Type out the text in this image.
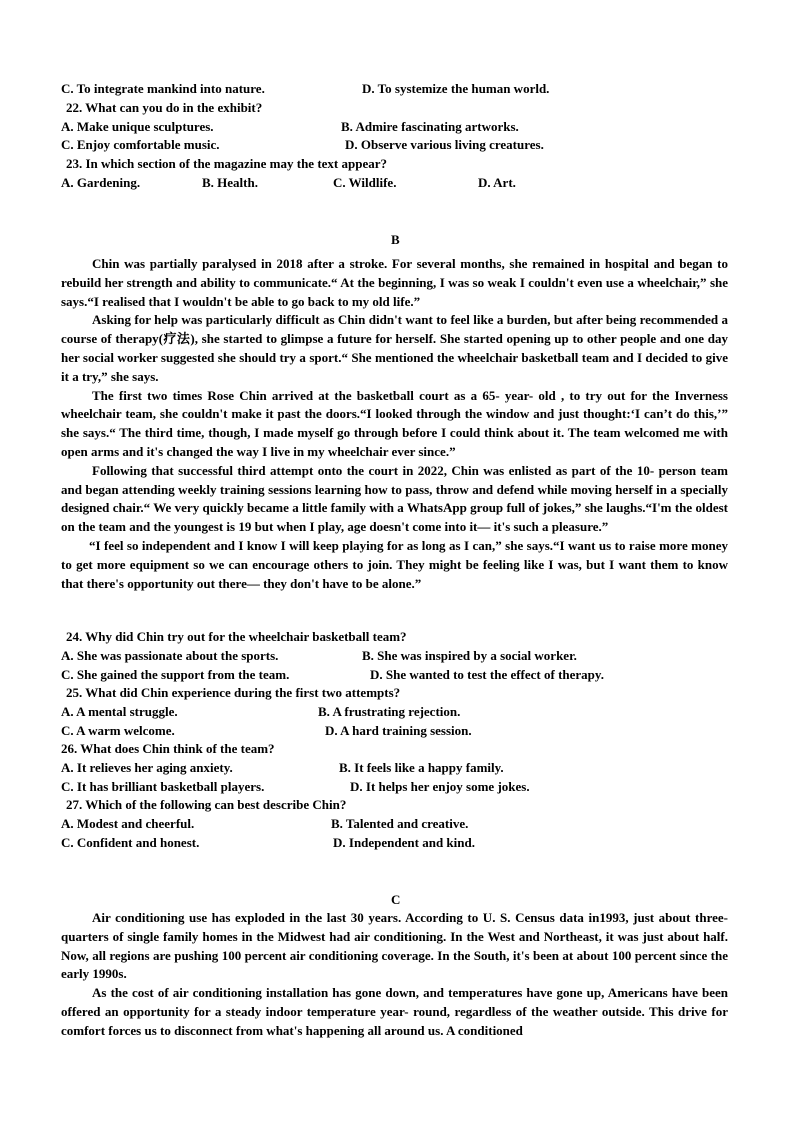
C. To integrate mankind into nature.	D. To systemize the human world.
22. What can you do in the exhibit?
A. Make unique sculptures.	B. Admire fascinating artworks.
C. Enjoy comfortable music.	D. Observe various living creatures.
23. In which section of the magazine may the text appear?
A. Gardening.	B. Health.	C. Wildlife.	D. Art.
B

Chin was partially paralysed in 2018 after a stroke. For several months, she remained in hospital and began to rebuild her strength and ability to communicate.“ At the beginning, I was so weak I couldn't even use a wheelchair,” she says.“I realised that I wouldn't be able to go back to my old life.”

Asking for help was particularly difficult as Chin didn't want to feel like a burden, but after being recommended a course of therapy(疗法), she started to glimpse a future for herself. She started opening up to other people and one day her social worker suggested she should try a sport.“ She mentioned the wheelchair basketball team and I decided to give it a try,” she says.

The first two times Rose Chin arrived at the basketball court as a 65- year- old , to try out for the Inverness wheelchair team, she couldn't make it past the doors.“I looked through the window and just thought:‘I can’t do this,’” she says.“ The third time, though, I made myself go through before I could think about it. The team welcomed me with open arms and it's changed the way I live in my wheelchair ever since.”

Following that successful third attempt onto the court in 2022, Chin was enlisted as part of the 10- person team and began attending weekly training sessions learning how to pass, throw and defend while moving herself in a specially designed chair.“ We very quickly became a little family with a WhatsApp group full of jokes,” she laughs.“I'm the oldest on the team and the youngest is 19 but when I play, age doesn't come into it— it's such a pleasure.”

“I feel so independent and I know I will keep playing for as long as I can,” she says.“I want us to raise more money to get more equipment so we can encourage others to join. They might be feeling like I was, but I want them to know that there's opportunity out there— they don't have to be alone.”

24. Why did Chin try out for the wheelchair basketball team?
A. She was passionate about the sports.	B. She was inspired by a social worker.
C. She gained the support from the team.	D. She wanted to test the effect of therapy.
25. What did Chin experience during the first two attempts?
A. A mental struggle.	B. A frustrating rejection.
C. A warm welcome.	D. A hard training session.
26. What does Chin think of the team?
A. It relieves her aging anxiety.	B. It feels like a happy family.
C. It has brilliant basketball players.	D. It helps her enjoy some jokes.
27. Which of the following can best describe Chin?
A. Modest and cheerful.	B. Talented and creative.
C. Confident and honest.	D. Independent and kind.
C

Air conditioning use has exploded in the last 30 years. According to U. S. Census data in1993, just about three- quarters of single family homes in the Midwest had air conditioning. In the West and Northeast, it was just about half. Now, all regions are pushing 100 percent air conditioning coverage. In the South, it's been at about 100 percent since the early 1990s.

As the cost of air conditioning installation has gone down, and temperatures have gone up, Americans have been offered an opportunity for a steady indoor temperature year- round, regardless of the weather outside. This drive for comfort forces us to disconnect from what's happening all around us. A conditioned
